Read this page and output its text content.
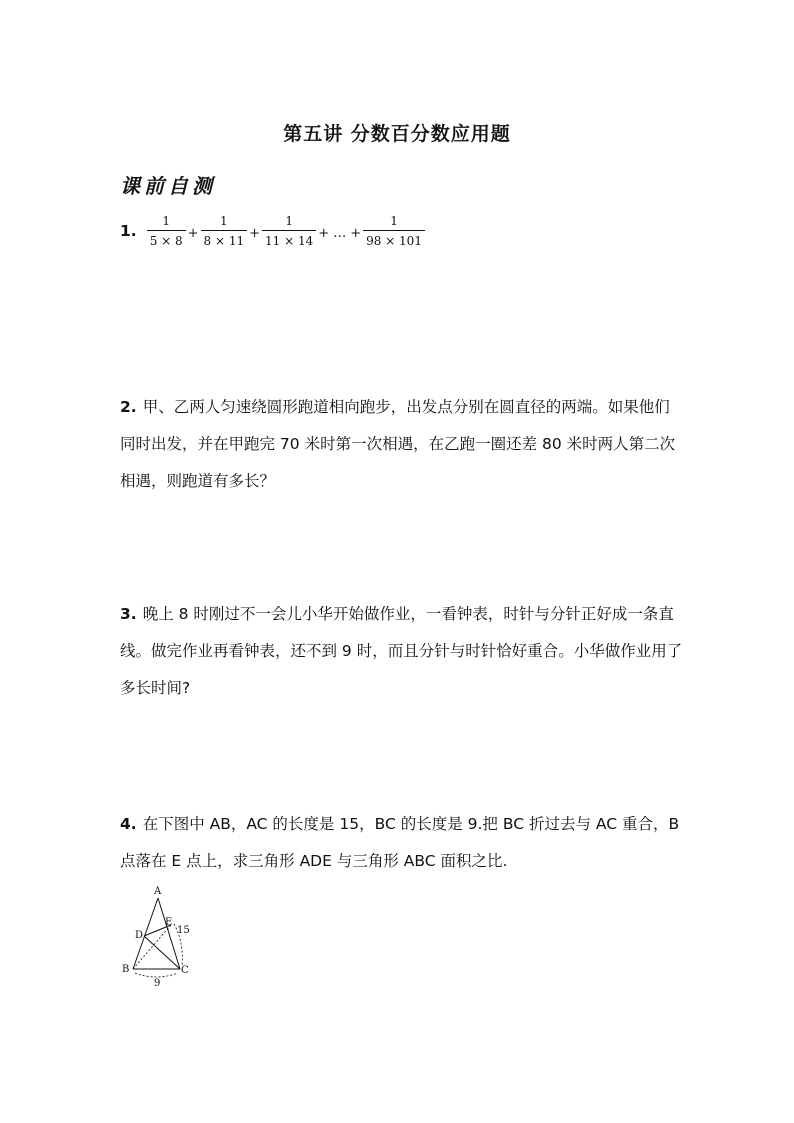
第五讲 分数百分数应用题
课前自测
1. $\frac{1}{5 \times 8} + \frac{1}{8 \times 11} + \frac{1}{11 \times 14}$ + … + $\frac{1}{98 \times 101}$
2. 甲、乙两人匀速绕圆形跑道相向跑步，出发点分别在圆直径的两端。如果他们同时出发，并在甲跑完 70 米时第一次相遇，在乙跑一圈还差 80 米时两人第二次相遇，则跑道有多长？
3. 晚上 8 时刚过不一会儿小华开始做作业，一看钟表，时针与分针正好成一条直线。做完作业再看钟表，还不到 9 时，而且分针与时针恰好重合。小华做作业用了多长时间?
4. 在下图中 AB，AC 的长度是 15，BC 的长度是 9.把 BC 折过去与 AC 重合，B 点落在 E 点上，求三角形 ADE 与三角形 ABC 面积之比.
A
B	C
D
E
15
9
